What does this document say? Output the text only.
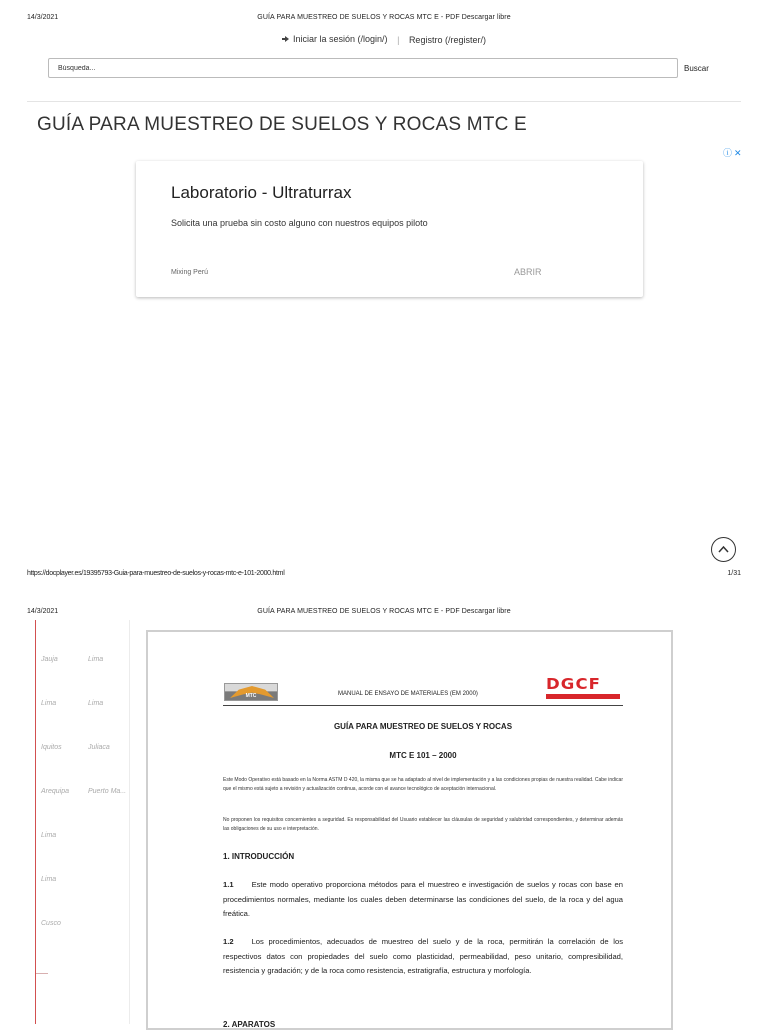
14/3/2021	GUÍA PARA MUESTREO DE SUELOS Y ROCAS MTC E - PDF Descargar libre
Iniciar la sesión (/login/) | Registro (/register/)
Búsqueda...
Buscar
GUÍA PARA MUESTREO DE SUELOS Y ROCAS MTC E
ⓘ✕
Laboratorio - Ultraturrax
Solicita una prueba sin costo alguno con nuestros equipos piloto
Mixing Perú	ABRIR
https://docplayer.es/19395793-Guia-para-muestreo-de-suelos-y-rocas-mtc-e-101-2000.html	1/31
14/3/2021	GUÍA PARA MUESTREO DE SUELOS Y ROCAS MTC E - PDF Descargar libre
Jauja	Lima
Lima	Lima
Iquitos	Juliaca
Arequipa	Puerto Ma...
Lima
Lima
Cusco
MTC	MANUAL DE ENSAYO DE MATERIALES (EM 2000)
DGCF
GUÍA PARA MUESTREO DE SUELOS Y ROCAS
MTC E 101 – 2000
Este Modo Operativo está basado en la Norma ASTM D 420, la misma que se ha adaptado al nivel de implementación y a las condiciones propias de nuestra realidad. Cabe indicar que el mismo está sujeto a revisión y actualización continua, acorde con el avance tecnológico de aceptación internacional.
No proponen los requisitos concernientes a seguridad. Es responsabilidad del Usuario establecer las cláusulas de seguridad y salubridad correspondientes, y determinar además las obligaciones de su uso e interpretación.
1. INTRODUCCIÓN
1.1 Este modo operativo proporciona métodos para el muestreo e investigación de suelos y rocas con base en procedimientos normales, mediante los cuales deben determinarse las condiciones del suelo, de la roca y del agua freática.
1.2 Los procedimientos, adecuados de muestreo del suelo y de la roca, permitirán la correlación de los respectivos datos con propiedades del suelo como plasticidad, permeabilidad, peso unitario, compresibilidad, resistencia y gradación; y de la roca como resistencia, estratigrafía, estructura y morfología.
2. APARATOS
